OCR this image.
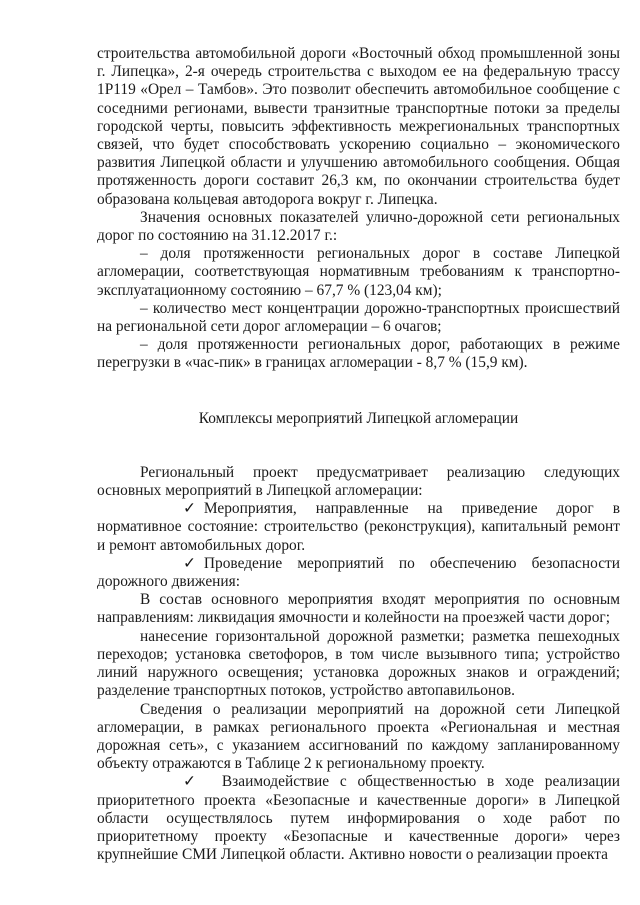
строительства автомобильной дороги «Восточный обход промышленной зоны г. Липецка», 2-я очередь строительства с выходом ее на федеральную трассу 1Р119 «Орел – Тамбов». Это позволит обеспечить автомобильное сообщение с соседними регионами, вывести транзитные транспортные потоки за пределы городской черты, повысить эффективность межрегиональных транспортных связей, что будет способствовать ускорению социально – экономического развития Липецкой области и улучшению автомобильного сообщения. Общая протяженность дороги составит 26,3 км, по окончании строительства будет образована кольцевая автодорога вокруг г. Липецка.

Значения основных показателей улично-дорожной сети региональных дорог по состоянию на 31.12.2017 г.:

– доля протяженности региональных дорог в составе Липецкой агломерации, соответствующая нормативным требованиям к транспортно-эксплуатационному состоянию – 67,7 % (123,04 км);

– количество мест концентрации дорожно-транспортных происшествий на региональной сети дорог агломерации – 6 очагов;

– доля протяженности региональных дорог, работающих в режиме перегрузки в «час-пик» в границах агломерации - 8,7 % (15,9 км).

Комплексы мероприятий Липецкой агломерации

Региональный проект предусматривает реализацию следующих основных мероприятий в Липецкой агломерации:

✓ Мероприятия, направленные на приведение дорог в нормативное состояние: строительство (реконструкция), капитальный ремонт и ремонт автомобильных дорог.

✓ Проведение мероприятий по обеспечению безопасности дорожного движения:

В состав основного мероприятия входят мероприятия по основным направлениям: ликвидация ямочности и колейности на проезжей части дорог;

нанесение горизонтальной дорожной разметки; разметка пешеходных переходов; установка светофоров, в том числе вызывного типа; устройство линий наружного освещения; установка дорожных знаков и ограждений; разделение транспортных потоков, устройство автопавильонов.

Сведения о реализации мероприятий на дорожной сети Липецкой агломерации, в рамках регионального проекта «Региональная и местная дорожная сеть», с указанием ассигнований по каждому запланированному объекту отражаются в Таблице 2 к региональному проекту.

✓ Взаимодействие с общественностью в ходе реализации приоритетного проекта «Безопасные и качественные дороги» в Липецкой области осуществлялось путем информирования о ходе работ по приоритетному проекту «Безопасные и качественные дороги» через крупнейшие СМИ Липецкой области. Активно новости о реализации проекта
